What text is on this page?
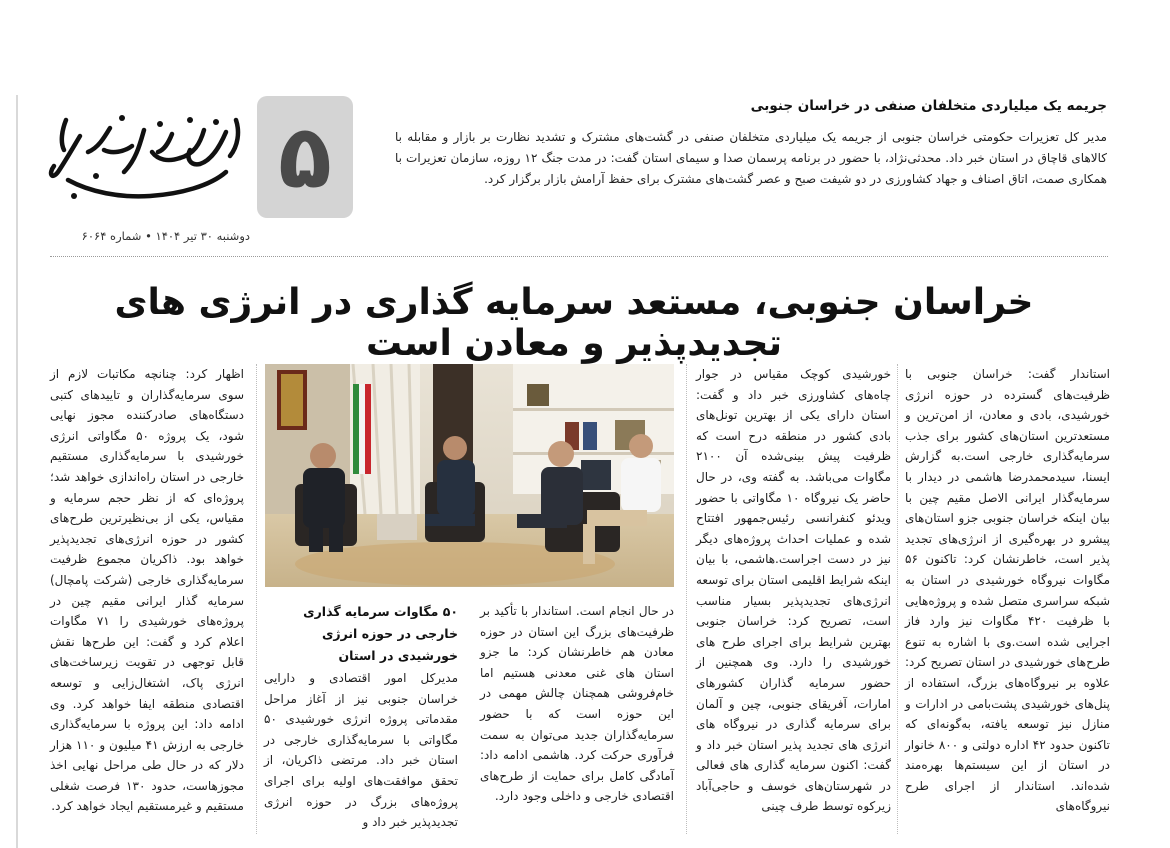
۵
دوشنبه ۳۰ تیر ۱۴۰۴ • شماره ۶۰۶۴
جریمه یک میلیاردی متخلفان صنفی در خراسان جنوبی

مدیر کل تعزیرات حکومتی خراسان جنوبی از جریمه یک میلیاردی متخلفان صنفی در گشت‌های مشترک و تشدید نظارت بر بازار و مقابله با کالاهای قاچاق در استان خبر داد. محدثی‌نژاد، با حضور در برنامه پرسمان صدا و سیمای استان گفت: در مدت جنگ ۱۲ روزه، سازمان تعزیرات با همکاری صمت، اتاق اصناف و جهاد کشاورزی در دو شیفت صبح و عصر گشت‌های مشترک برای حفظ آرامش بازار برگزار کرد.

خراسان جنوبی، مستعد سرمایه گذاری در انرژی های تجدیدپذیر و معادن است

استاندار گفت: خراسان جنوبی با ظرفیت‌های گسترده در حوزه انرژی خورشیدی، بادی و معادن، از امن‌ترین و مستعدترین استان‌های کشور برای جذب سرمایه‌گذاری خارجی است.به گزارش ایسنا، سیدمحمدرضا هاشمی در دیدار با سرمایه‌گذار ایرانی الاصل مقیم چین با بیان اینکه خراسان جنوبی جزو استان‌های پیشرو در بهره‌گیری از انرژی‌های تجدید پذیر است، خاطرنشان کرد: تاکنون ۵۶ مگاوات نیروگاه خورشیدی در استان به شبکه سراسری متصل شده و پروژه‌هایی با ظرفیت ۴۲۰ مگاوات نیز وارد فاز اجرایی شده است.وی با اشاره به تنوع طرح‌های خورشیدی در استان تصریح کرد: علاوه بر نیروگاه‌های بزرگ، استفاده از پنل‌های خورشیدی پشت‌بامی در ادارات و منازل نیز توسعه یافته، به‌گونه‌ای که تاکنون حدود ۴۲ اداره دولتی و ۸۰۰ خانوار در استان از این سیستم‌ها بهره‌مند شده‌اند. استاندار از اجرای طرح نیروگاه‌های

خورشیدی کوچک مقیاس در جوار چاه‌های کشاورزی خبر داد و گفت: استان دارای یکی از بهترین تونل‌های بادی کشور در منطقه درح است که ظرفیت پیش بینی‌شده آن ۲۱۰۰ مگاوات می‌باشد. به گفته وی، در حال حاضر یک نیروگاه ۱۰ مگاواتی با حضور ویدئو کنفرانسی رئیس‌جمهور افتتاح شده و عملیات احداث پروژه‌های دیگر نیز در دست اجراست.هاشمی، با بیان اینکه شرایط اقلیمی استان برای توسعه انرژی‌های تجدیدپذیر بسیار مناسب است، تصریح کرد: خراسان جنوبی بهترین شرایط برای اجرای طرح های خورشیدی را دارد. وی همچنین از حضور سرمایه گذاران کشورهای امارات، آفریقای جنوبی، چین و آلمان برای سرمایه گذاری در نیروگاه های انرژی های تجدید پذیر استان خبر داد و گفت: اکنون سرمایه گذاری های فعالی در شهرستان‌های خوسف و حاجی‌آباد زیرکوه توسط طرف چینی

۵۰ مگاوات سرمایه گذاری خارجی در حوزه انرژی خورشیدی در استان

در حال انجام است. استاندار با تأکید بر ظرفیت‌های بزرگ این استان در حوزه معادن هم خاطرنشان کرد: ما جزو استان های غنی معدنی هستیم اما خام‌فروشی همچنان چالش مهمی در این حوزه است که با حضور سرمایه‌گذاران جدید می‌توان به سمت فرآوری حرکت کرد. هاشمی ادامه داد: آمادگی کامل برای حمایت از طرح‌های اقتصادی خارجی و داخلی وجود دارد.

مدیرکل امور اقتصادی و دارایی خراسان جنوبی نیز از آغاز مراحل مقدماتی پروژه انرژی خورشیدی ۵۰ مگاواتی با سرمایه‌گذاری خارجی در استان خبر داد. مرتضی ذاکریان، از تحقق موافقت‌های اولیه برای اجرای پروژه‌های بزرگ در حوزه انرژی تجدیدپذیر خبر داد و

اظهار کرد: چنانچه مکاتبات لازم از سوی سرمایه‌گذاران و تاییدهای کتبی دستگاه‌های صادرکننده مجوز نهایی شود، یک پروژه ۵۰ مگاواتی انرژی خورشیدی با سرمایه‌گذاری مستقیم خارجی در استان راه‌اندازی خواهد شد؛ پروژه‌ای که از نظر حجم سرمایه و مقیاس، یکی از بی‌نظیرترین طرح‌های کشور در حوزه انرژی‌های تجدیدپذیر خواهد بود. ذاکریان مجموع ظرفیت سرمایه‌گذاری خارجی (شرکت پامچال) سرمایه گذار ایرانی مقیم چین در پروژه‌های خورشیدی را ۷۱ مگاوات اعلام کرد و گفت: این طرح‌ها نقش قابل توجهی در تقویت زیرساخت‌های انرژی پاک، اشتغال‌زایی و توسعه اقتصادی منطقه ایفا خواهد کرد. وی ادامه داد: این پروژه با سرمایه‌گذاری خارجی به ارزش ۴۱ میلیون و ۱۱۰ هزار دلار که در حال طی مراحل نهایی اخذ مجوزهاست، حدود ۱۳۰ فرصت شغلی مستقیم و غیرمستقیم ایجاد خواهد کرد.
